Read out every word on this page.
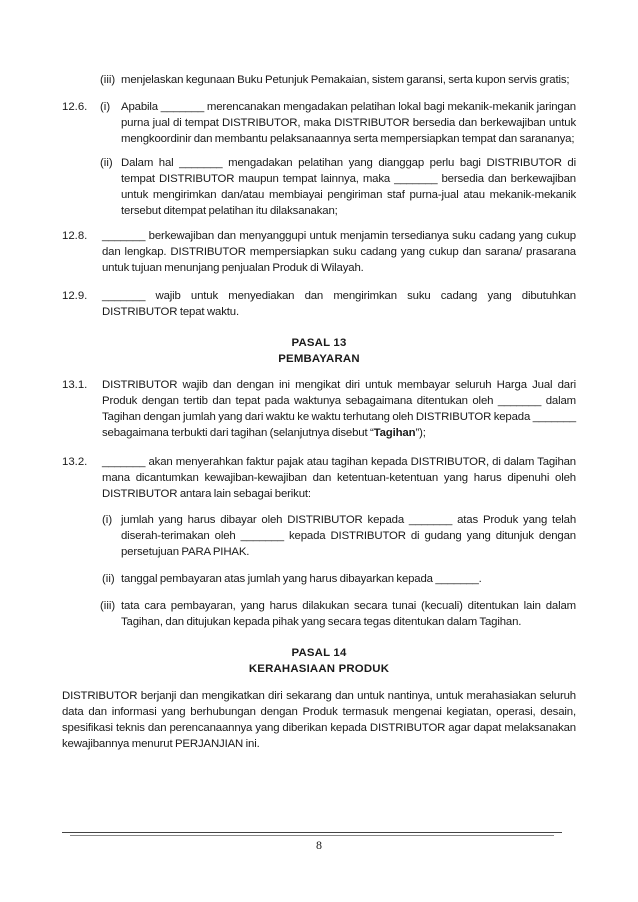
(iii) menjelaskan kegunaan Buku Petunjuk Pemakaian, sistem garansi, serta kupon servis gratis;
12.6. (i) Apabila _______ merencanakan mengadakan pelatihan lokal bagi mekanik-mekanik jaringan purna jual di tempat DISTRIBUTOR, maka DISTRIBUTOR bersedia dan berkewajiban untuk mengkoordinir dan membantu pelaksanaannya serta mempersiapkan tempat dan sarananya;
(ii) Dalam hal _______ mengadakan pelatihan yang dianggap perlu bagi DISTRIBUTOR di tempat DISTRIBUTOR maupun tempat lainnya, maka _______ bersedia dan berkewajiban untuk mengirimkan dan/atau membiayai pengiriman staf purna-jual atau mekanik-mekanik tersebut ditempat pelatihan itu dilaksanakan;
12.8. _______ berkewajiban dan menyanggupi untuk menjamin tersedianya suku cadang yang cukup dan lengkap. DISTRIBUTOR mempersiapkan suku cadang yang cukup dan sarana/ prasarana untuk tujuan menunjang penjualan Produk di Wilayah.
12.9. _______ wajib untuk menyediakan dan mengirimkan suku cadang yang dibutuhkan DISTRIBUTOR tepat waktu.
PASAL 13
PEMBAYARAN
13.1. DISTRIBUTOR wajib dan dengan ini mengikat diri untuk membayar seluruh Harga Jual dari Produk dengan tertib dan tepat pada waktunya sebagaimana ditentukan oleh _______ dalam Tagihan dengan jumlah yang dari waktu ke waktu terhutang oleh DISTRIBUTOR kepada _______ sebagaimana terbukti dari tagihan (selanjutnya disebut “Tagihan”);
13.2. _______ akan menyerahkan faktur pajak atau tagihan kepada DISTRIBUTOR, di dalam Tagihan mana dicantumkan kewajiban-kewajiban dan ketentuan-ketentuan yang harus dipenuhi oleh DISTRIBUTOR antara lain sebagai berikut:
(i) jumlah yang harus dibayar oleh DISTRIBUTOR kepada _______ atas Produk yang telah diserah-terimakan oleh _______ kepada DISTRIBUTOR di gudang yang ditunjuk dengan persetujuan PARA PIHAK.
(ii) tanggal pembayaran atas jumlah yang harus dibayarkan kepada _______.
(iii) tata cara pembayaran, yang harus dilakukan secara tunai (kecuali) ditentukan lain dalam Tagihan, dan ditujukan kepada pihak yang secara tegas ditentukan dalam Tagihan.
PASAL 14
KERAHASIAAN PRODUK
DISTRIBUTOR berjanji dan mengikatkan diri sekarang dan untuk nantinya, untuk merahasiakan seluruh data dan informasi yang berhubungan dengan Produk termasuk mengenai kegiatan, operasi, desain, spesifikasi teknis dan perencanaannya yang diberikan kepada DISTRIBUTOR agar dapat melaksanakan kewajibannya menurut PERJANJIAN ini.
8
